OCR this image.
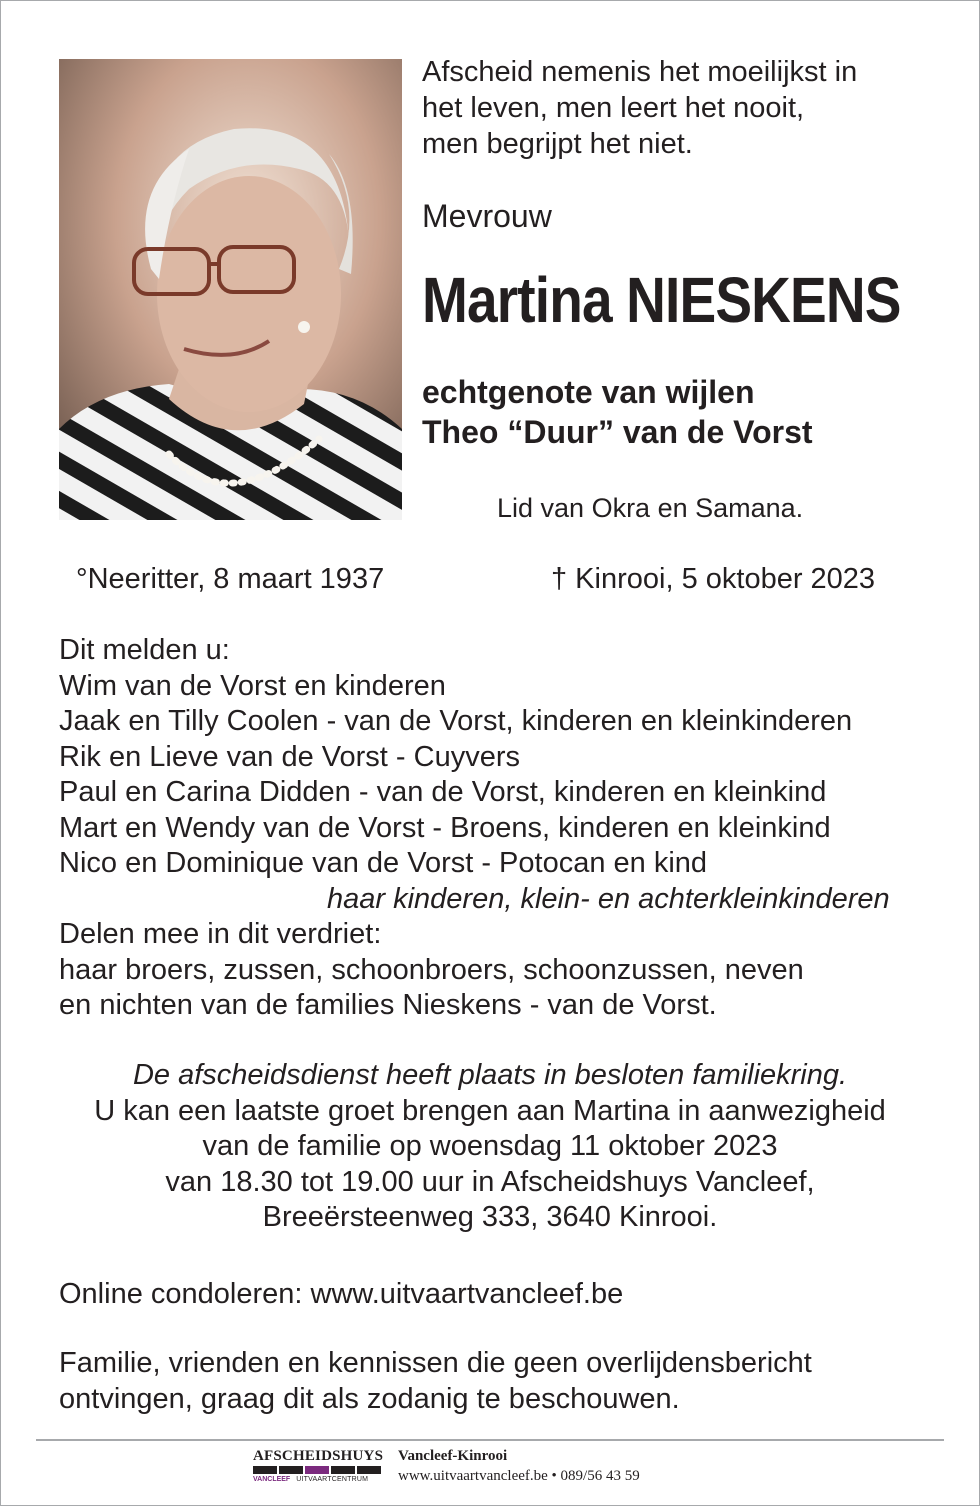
Afscheid nemenis het moeilijkst in
het leven, men leert het nooit,
men begrijpt het niet.
Mevrouw
Martina NIESKENS
echtgenote van wijlen
Theo “Duur” van de Vorst
Lid van Okra en Samana.
°Neeritter, 8 maart 1937	† Kinrooi, 5 oktober 2023
Dit melden u:
Wim van de Vorst en kinderen
Jaak en Tilly Coolen - van de Vorst, kinderen en kleinkinderen
Rik en Lieve van de Vorst - Cuyvers
Paul en Carina Didden - van de Vorst, kinderen en kleinkind
Mart en Wendy van de Vorst - Broens, kinderen en kleinkind
Nico en Dominique van de Vorst - Potocan en kind
haar kinderen, klein- en achterkleinkinderen
Delen mee in dit verdriet:
haar broers, zussen, schoonbroers, schoonzussen, neven
en nichten van de families Nieskens - van de Vorst.
De afscheidsdienst heeft plaats in besloten familiekring.
U kan een laatste groet brengen aan Martina in aanwezigheid
van de familie op woensdag 11 oktober 2023
van 18.30 tot 19.00 uur in Afscheidshuys Vancleef,
Breeërsteenweg 333, 3640 Kinrooi.
Online condoleren: www.uitvaartvancleef.be
Familie, vrienden en kennissen die geen overlijdensbericht
ontvingen, graag dit als zodanig te beschouwen.
AFSCHEIDSHUYS
VANCLEEF UITVAARTCENTRUM
Vancleef-Kinrooi
www.uitvaartvancleef.be • 089/56 43 59
